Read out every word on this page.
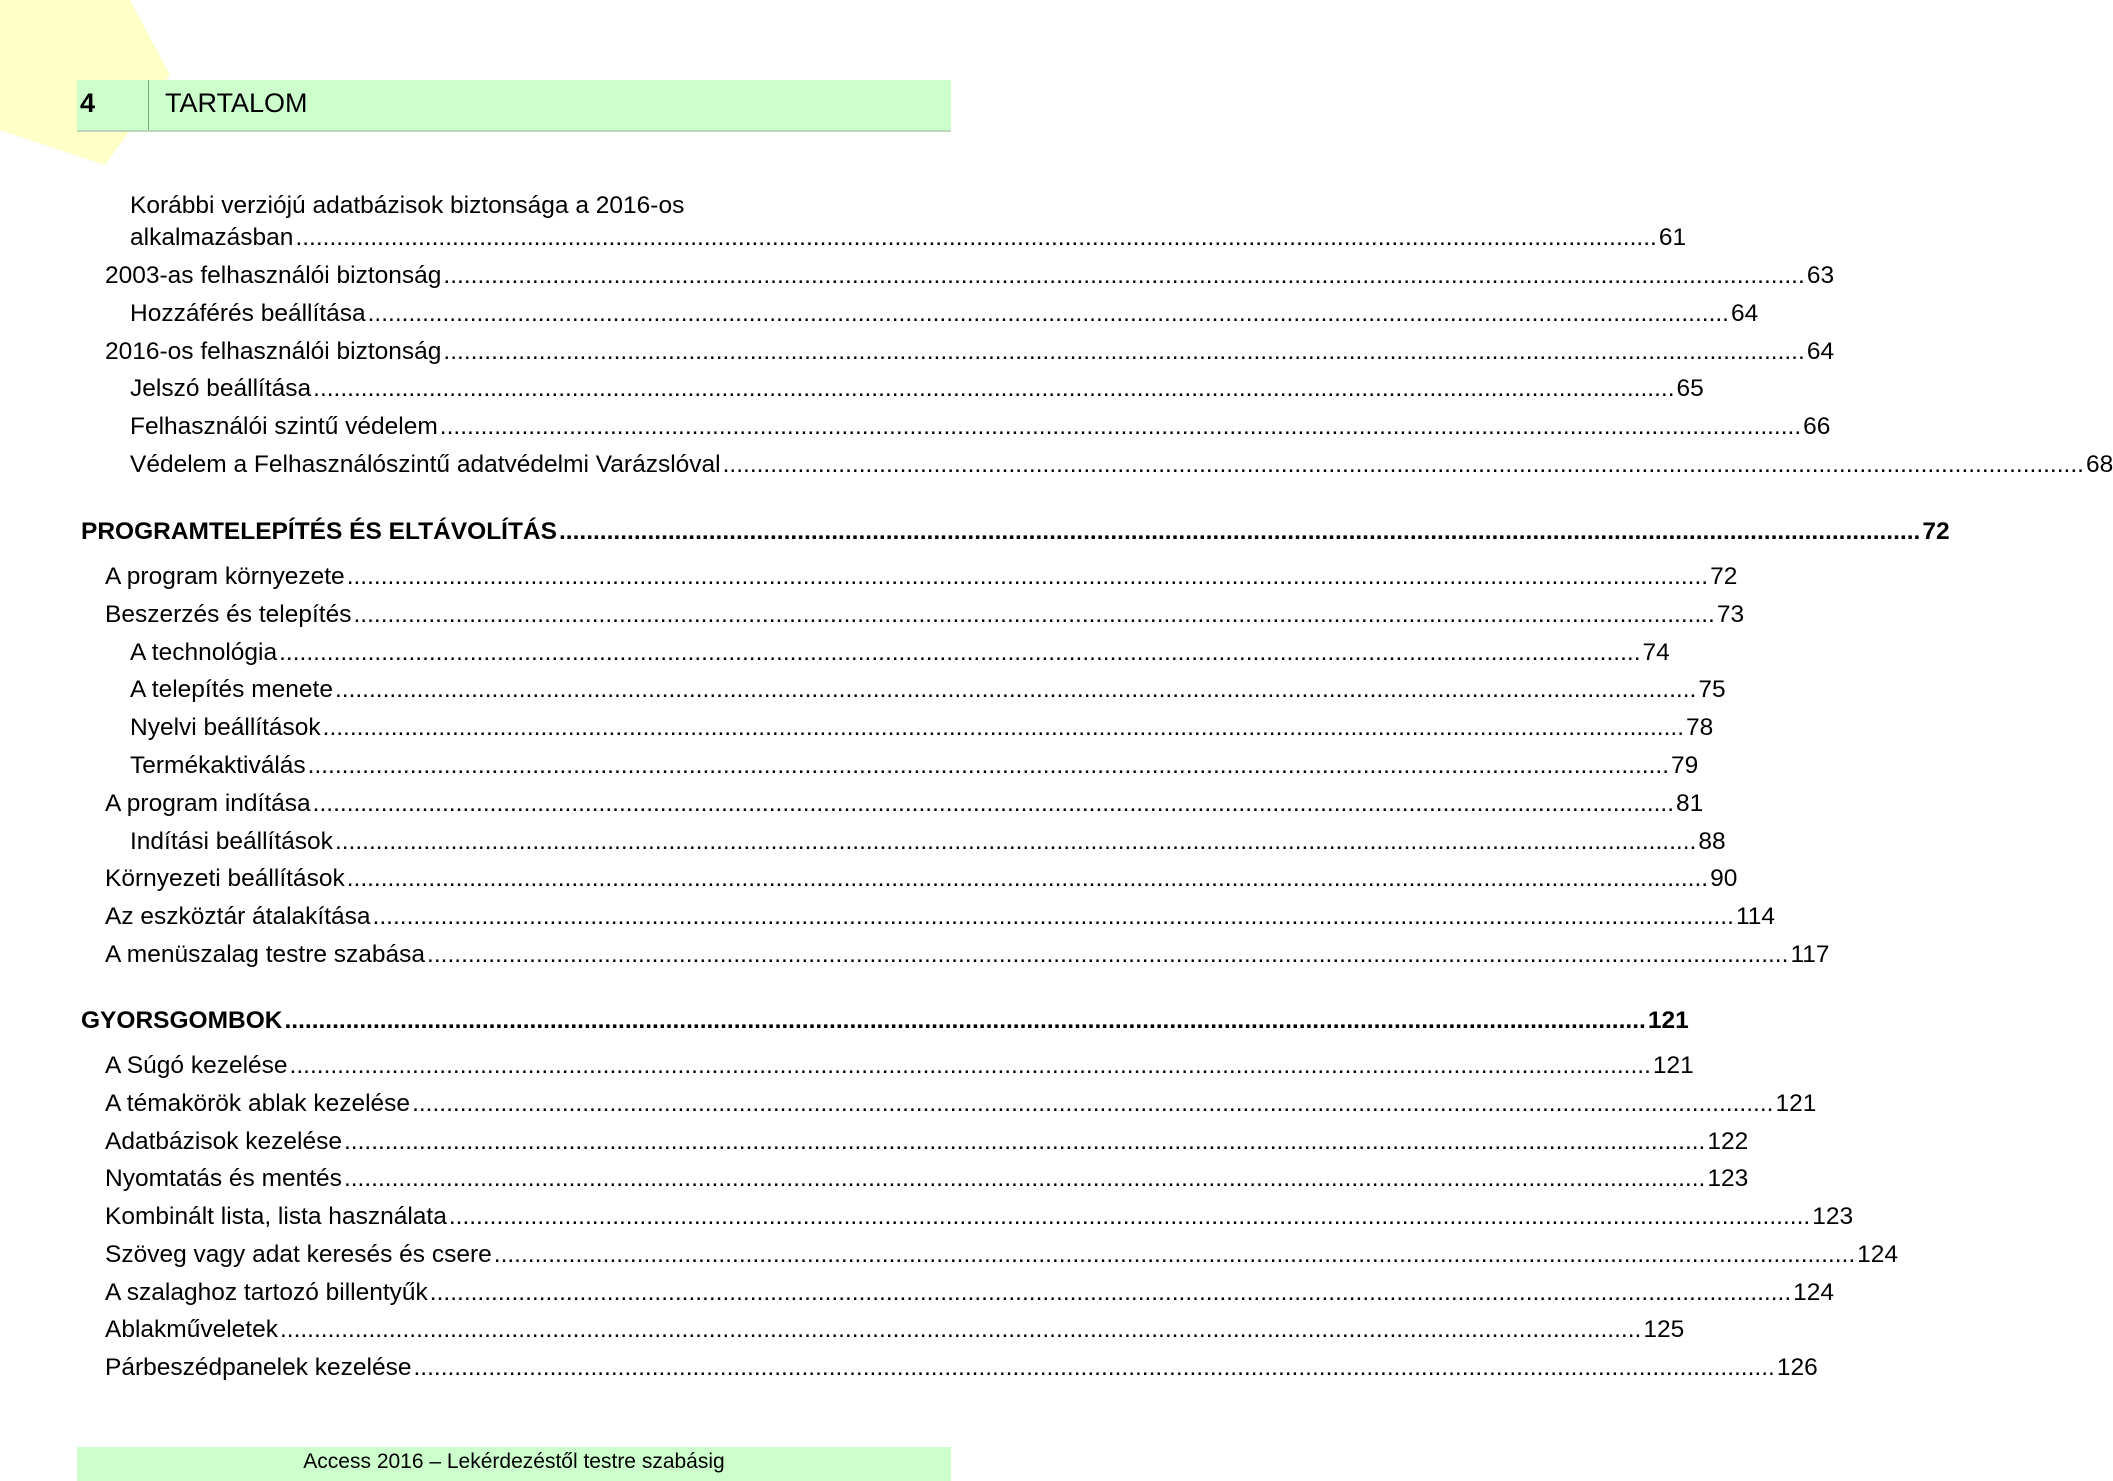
4	TARTALOM
Korábbi verziójú adatbázisok biztonsága a 2016-os
alkalmazásban ........................................................................................................................................................................................................ 61
2003-as felhasználói biztonság ........................................................................................................................................................................................................ 63
Hozzáférés beállítása ........................................................................................................................................................................................................ 64
2016-os felhasználói biztonság ........................................................................................................................................................................................................ 64
Jelszó beállítása ........................................................................................................................................................................................................ 65
Felhasználói szintű védelem ........................................................................................................................................................................................................ 66
Védelem a Felhasználószintű adatvédelmi Varázslóval ........................................................................................................................................................................................................ 68
PROGRAMTELEPÍTÉS ÉS ELTÁVOLÍTÁS ........................................................................................................................................................................................................ 72
A program környezete ........................................................................................................................................................................................................ 72
Beszerzés és telepítés ........................................................................................................................................................................................................ 73
A technológia ........................................................................................................................................................................................................ 74
A telepítés menete ........................................................................................................................................................................................................ 75
Nyelvi beállítások ........................................................................................................................................................................................................ 78
Termékaktiválás ........................................................................................................................................................................................................ 79
A program indítása ........................................................................................................................................................................................................ 81
Indítási beállítások ........................................................................................................................................................................................................ 88
Környezeti beállítások ........................................................................................................................................................................................................ 90
Az eszköztár átalakítása ........................................................................................................................................................................................................ 114
A menüszalag testre szabása ........................................................................................................................................................................................................ 117
GYORSGOMBOK ........................................................................................................................................................................................................ 121
A Súgó kezelése ........................................................................................................................................................................................................ 121
A témakörök ablak kezelése ........................................................................................................................................................................................................ 121
Adatbázisok kezelése ........................................................................................................................................................................................................ 122
Nyomtatás és mentés ........................................................................................................................................................................................................ 123
Kombinált lista, lista használata ........................................................................................................................................................................................................ 123
Szöveg vagy adat keresés és csere ........................................................................................................................................................................................................ 124
A szalaghoz tartozó billentyűk ........................................................................................................................................................................................................ 124
Ablakműveletek ........................................................................................................................................................................................................ 125
Párbeszédpanelek kezelése ........................................................................................................................................................................................................ 126
Access 2016 – Lekérdezéstől testre szabásig
